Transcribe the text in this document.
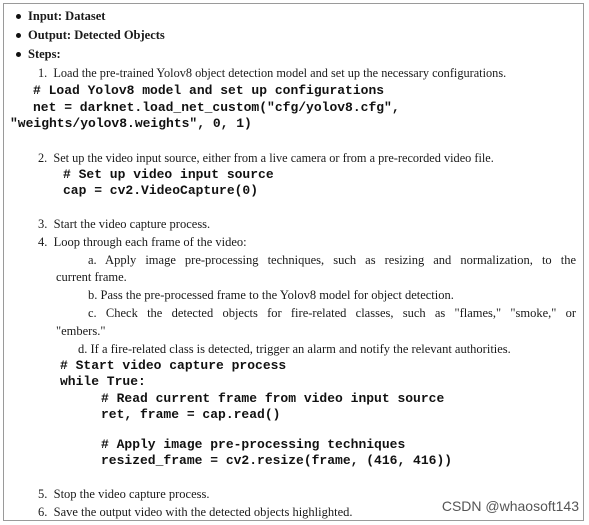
Input: Dataset
Output: Detected Objects
Steps:
1.  Load the pre-trained Yolov8 object detection model and set up the necessary configurations.
# Load Yolov8 model and set up configurations
net = darknet.load_net_custom("cfg/yolov8.cfg",
"weights/yolov8.weights", 0, 1)
2.  Set up the video input source, either from a live camera or from a pre-recorded video file.
# Set up video input source
cap = cv2.VideoCapture(0)
3.  Start the video capture process.
4.  Loop through each frame of the video:
a. Apply image pre-processing techniques, such as resizing and normalization, to the
current frame.
b. Pass the pre-processed frame to the Yolov8 model for object detection.
c. Check the detected objects for fire-related classes, such as "flames," "smoke," or
"embers."
d. If a fire-related class is detected, trigger an alarm and notify the relevant authorities.
# Start video capture process
while True:
# Read current frame from video input source
ret, frame = cap.read()
# Apply image pre-processing techniques
resized_frame = cv2.resize(frame, (416, 416))
5.  Stop the video capture process.
6.  Save the output video with the detected objects highlighted.	CSDN @whaosoft143
